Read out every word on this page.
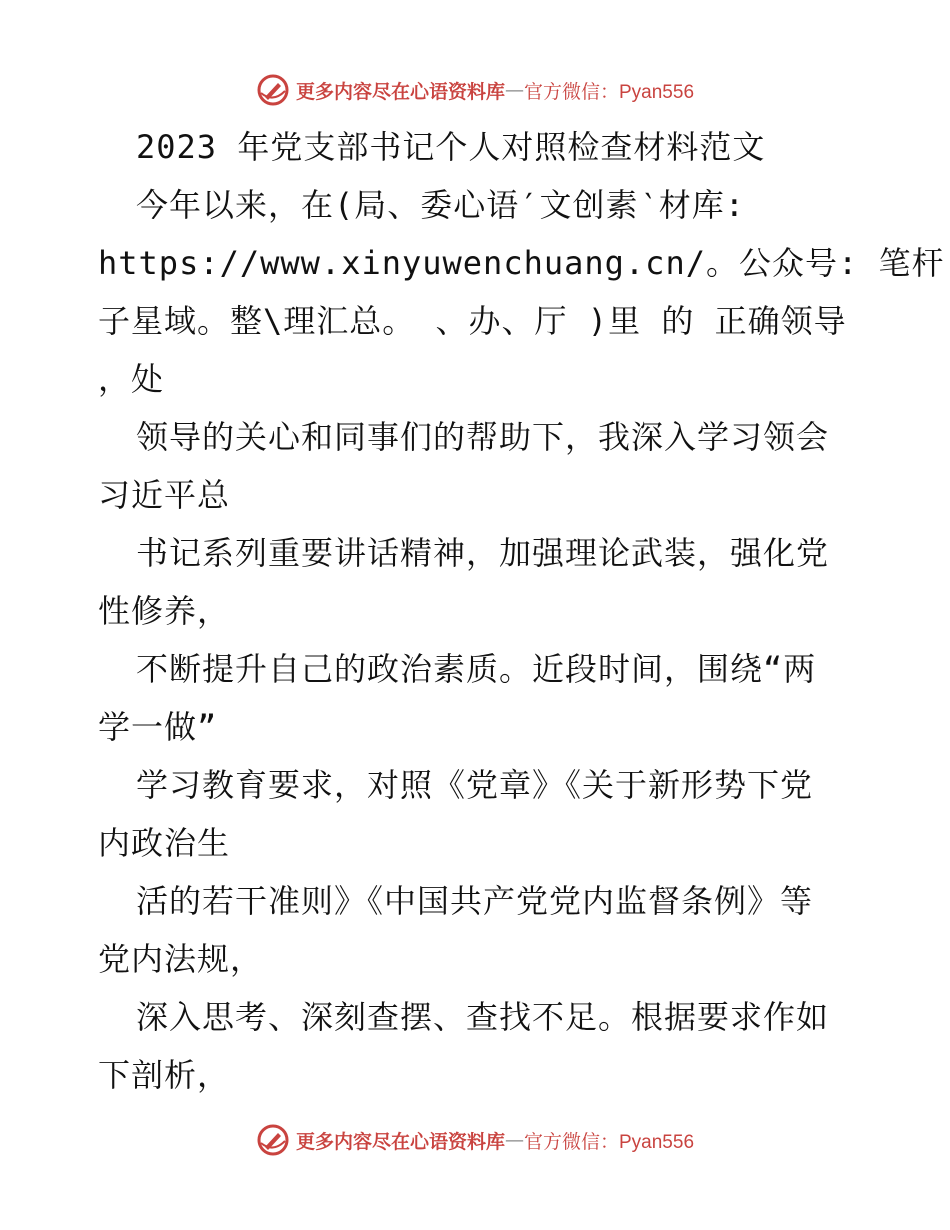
更多内容尽在心语资料库 — 官方微信：Pyan556
2023 年党支部书记个人对照检查材料范文
今年以来，在(局、委心语′文创素‵材库:
https://www.xinyuwenchuang.cn/。公众号: 笔杆
子星域。整\理汇总。 、办、厅 )里 的 正确领导
，处
领导的关心和同事们的帮助下，我深入学习领会
习近平总
书记系列重要讲话精神，加强理论武装，强化党
性修养，
不断提升自己的政治素质。近段时间，围绕“两
学一做”
学习教育要求，对照《党章》《关于新形势下党
内政治生
活的若干准则》《中国共产党党内监督条例》等
党内法规，
深入思考、深刻查摆、查找不足。根据要求作如
下剖析，
更多内容尽在心语资料库 — 官方微信：Pyan556
